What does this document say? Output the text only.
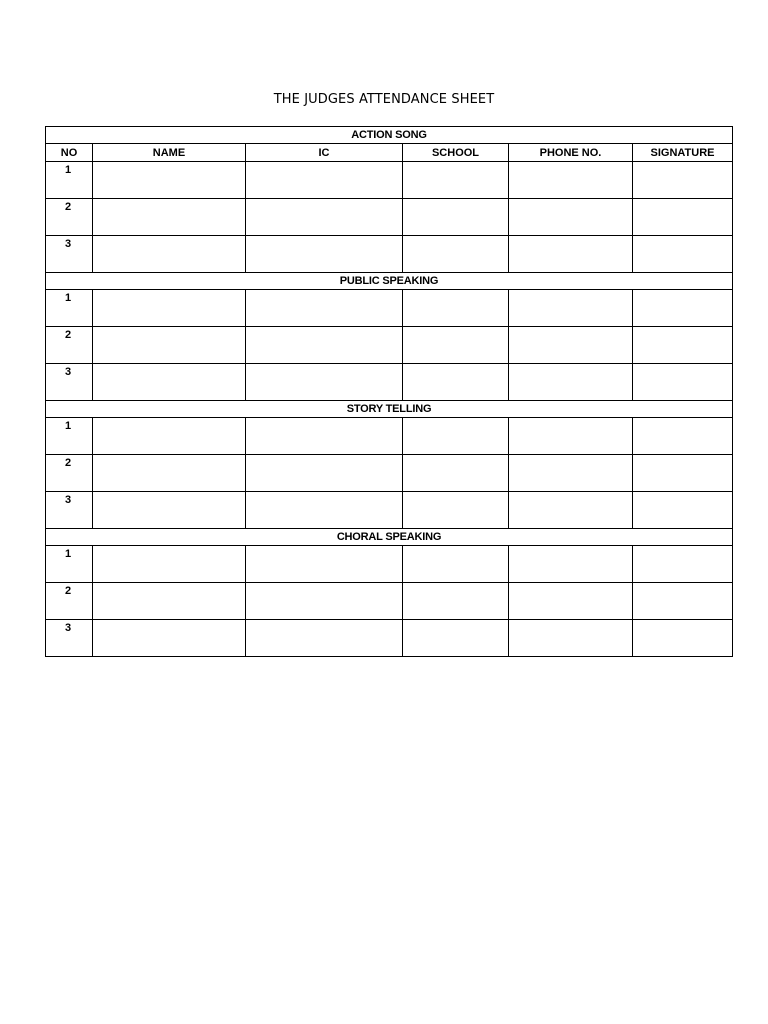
THE JUDGES ATTENDANCE SHEET
ACTION SONG					
NO	NAME	IC	SCHOOL	PHONE NO.	SIGNATURE
1					
2					
3					
PUBLIC SPEAKING					
1					
2					
3					
STORY TELLING					
1					
2					
3					
CHORAL SPEAKING					
1					
2					
3					
